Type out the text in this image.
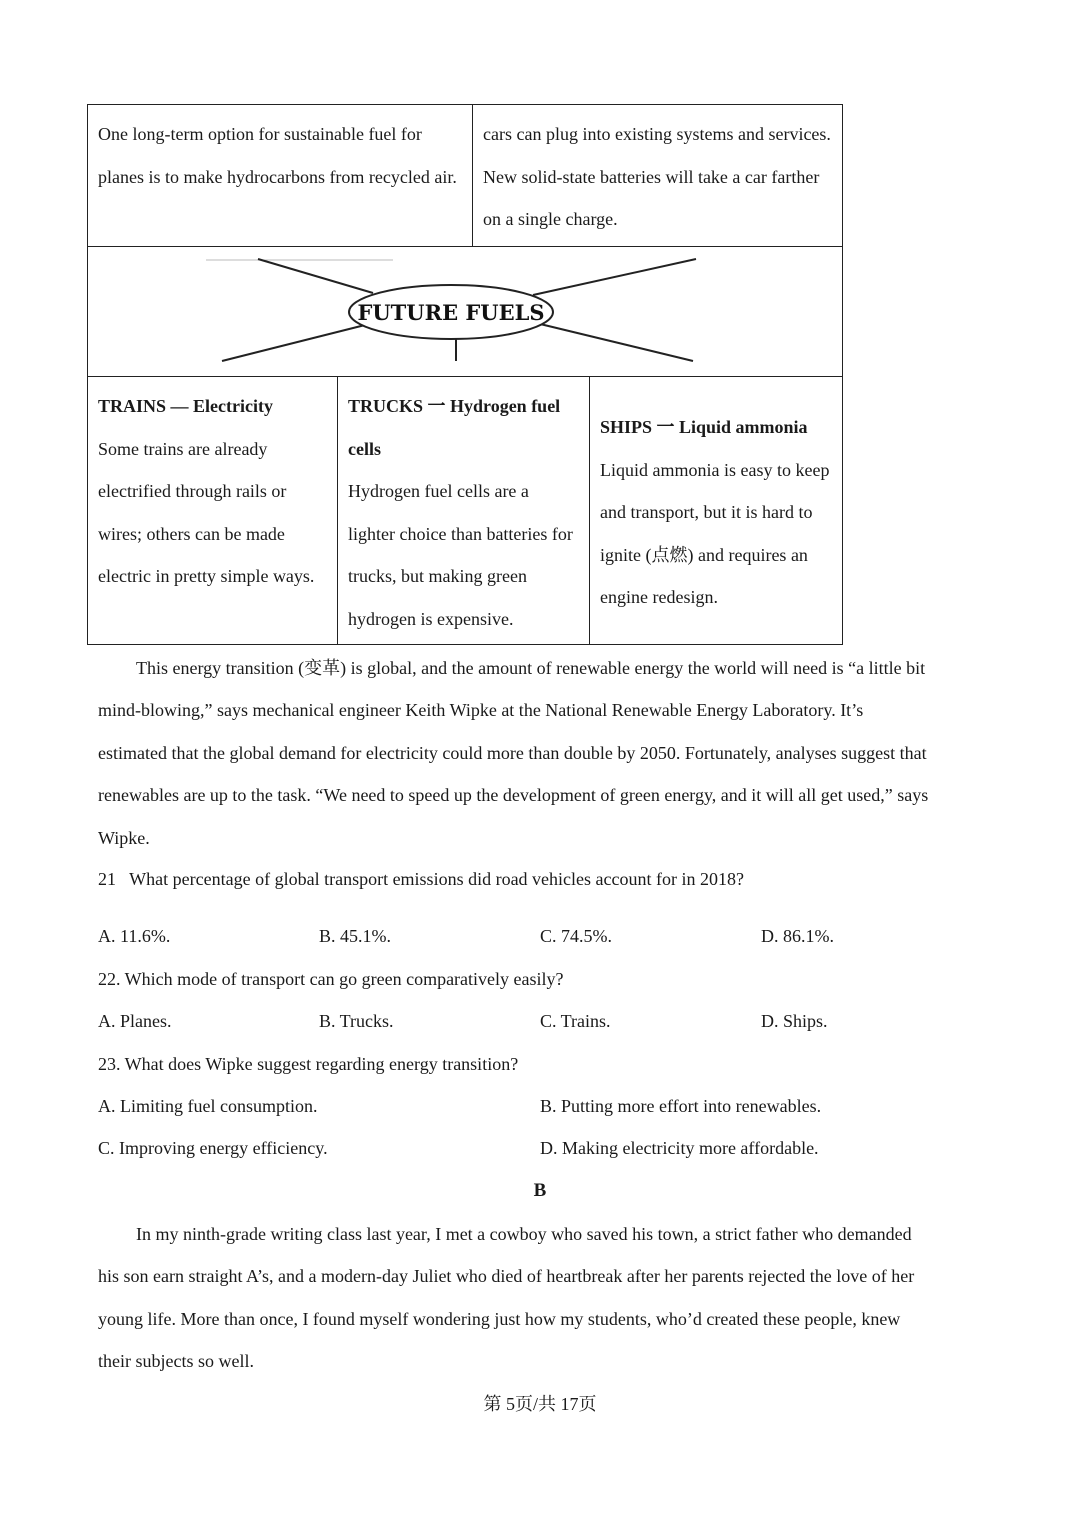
One long-term option for sustainable fuel for planes is to make hydrocarbons from recycled air.

cars can plug into existing systems and services. New solid-state batteries will take a car farther on a single charge.

FUTURE FUELS

TRAINS — Electricity

Some trains are already electrified through rails or wires; others can be made electric in pretty simple ways.

TRUCKS 一 Hydrogen fuel cells

Hydrogen fuel cells are a lighter choice than batteries for trucks, but making green hydrogen is expensive.

SHIPS 一 Liquid ammonia

Liquid ammonia is easy to keep and transport, but it is hard to ignite (点燃) and requires an engine redesign.

This energy transition (变革) is global, and the amount of renewable energy the world will need is “a little bit
mind-blowing,” says mechanical engineer Keith Wipke at the National Renewable Energy Laboratory. It’s
estimated that the global demand for electricity could more than double by 2050. Fortunately, analyses suggest that
renewables are up to the task. “We need to speed up the development of green energy, and it will all get used,” says
Wipke.
21   What percentage of global transport emissions did road vehicles account for in 2018?
A. 11.6%.	B. 45.1%.	C. 74.5%.	D. 86.1%.
22. Which mode of transport can go green comparatively easily?
A. Planes.	B. Trucks.	C. Trains.	D. Ships.
23. What does Wipke suggest regarding energy transition?
A. Limiting fuel consumption.	B. Putting more effort into renewables.
C. Improving energy efficiency.	D. Making electricity more affordable.
B
In my ninth-grade writing class last year, I met a cowboy who saved his town, a strict father who demanded
his son earn straight A’s, and a modern-day Juliet who died of heartbreak after her parents rejected the love of her
young life. More than once, I found myself wondering just how my students, who’d created these people, knew
their subjects so well.
第 5页/共 17页
